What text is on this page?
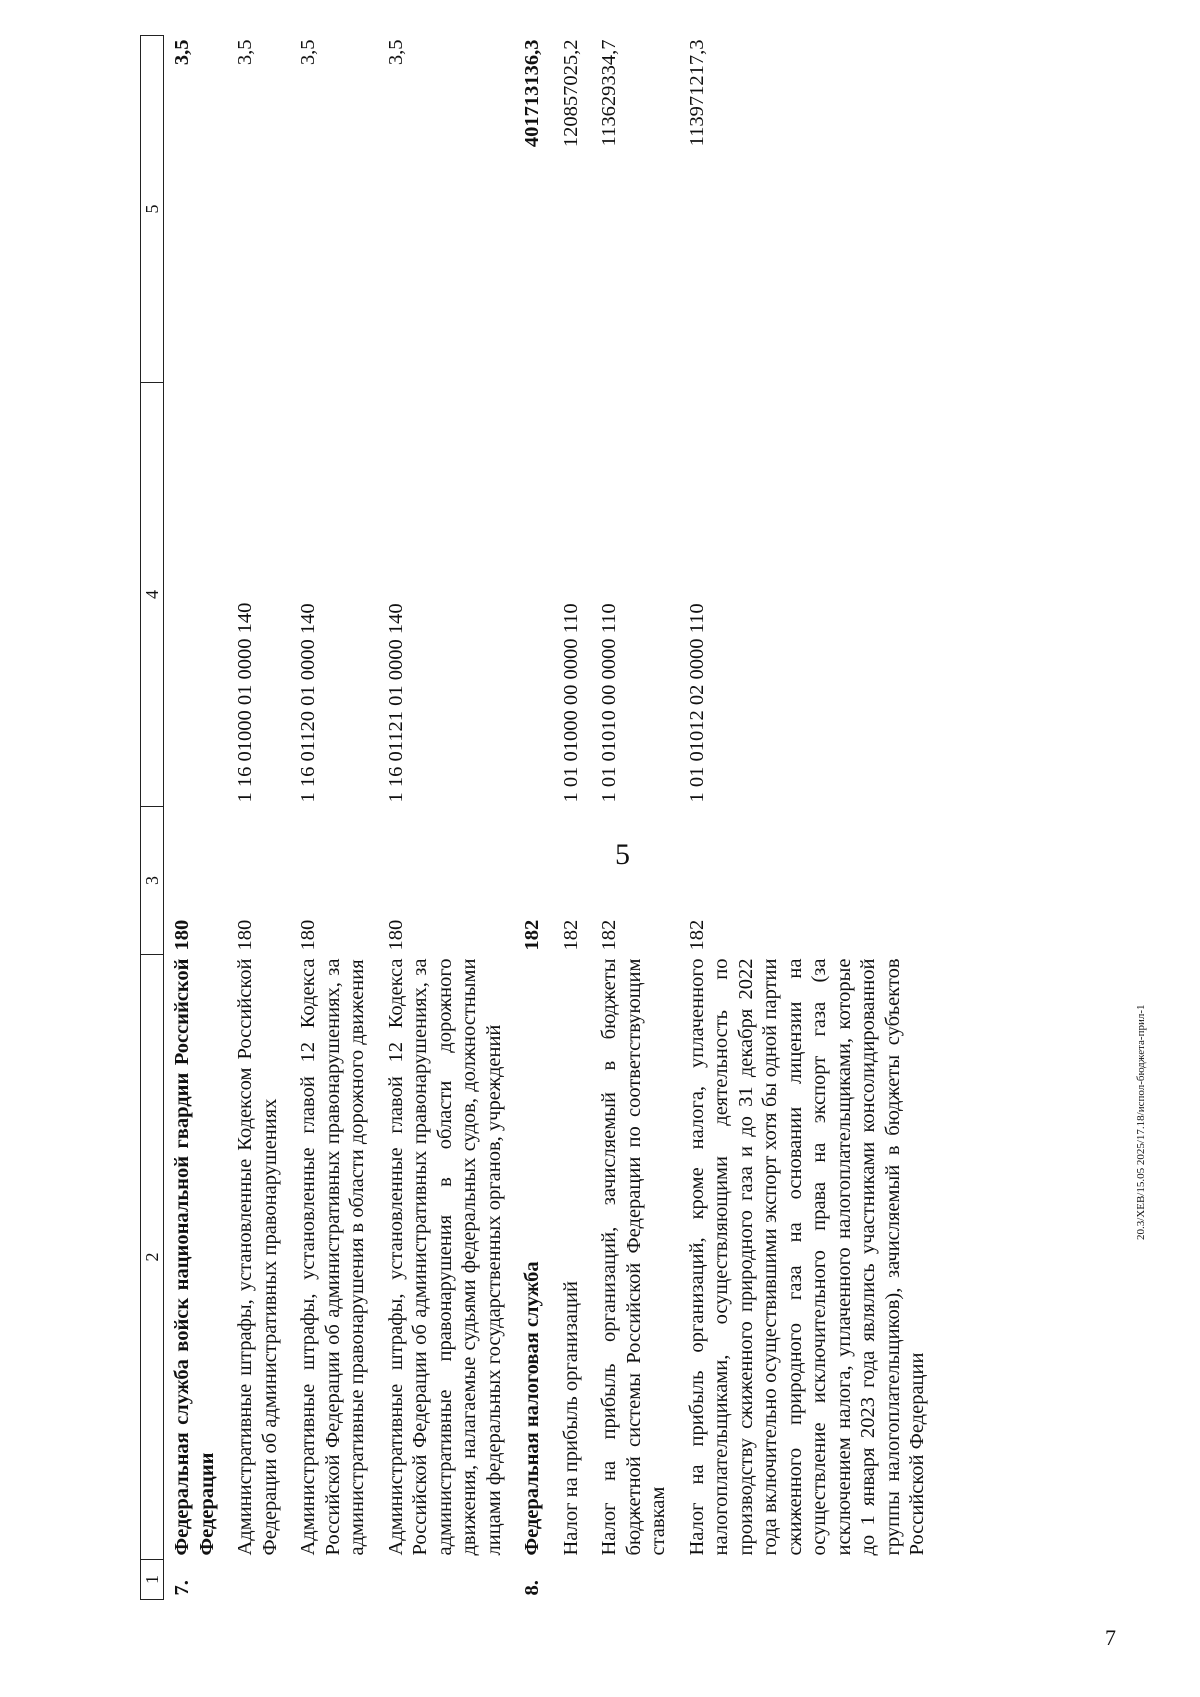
5
7
20.3/XEB/15.05 2025/17.18/испол-бюджета-прил-1
1	2	3	4	5
7.	Федеральная служба войск национальной гвардии Российской Федерации	180		3,5
	Административные штрафы, установленные Кодексом Российской Федерации об административных правонарушениях	180	1 16 01000 01 0000 140	3,5
	Административные штрафы, установленные главой 12 Кодекса Российской Федерации об административных правонарушениях, за административные правонарушения в области дорожного движения	180	1 16 01120 01 0000 140	3,5
	Административные штрафы, установленные главой 12 Кодекса Российской Федерации об административных правонарушениях, за административные правонарушения в области дорожного движения, налагаемые судьями федеральных судов, должностными лицами федеральных государственных органов, учреждений	180	1 16 01121 01 0000 140	3,5
8.	Федеральная налоговая служба	182		401713136,3
	Налог на прибыль организаций	182	1 01 01000 00 0000 110	120857025,2
	Налог на прибыль организаций, зачисляемый в бюджеты бюджетной системы Российской Федерации по соответствующим ставкам	182	1 01 01010 00 0000 110	113629334,7
	Налог на прибыль организаций, кроме налога, уплаченного налогоплательщиками, осуществляющими деятельность по производству сжиженного природного газа и до 31 декабря 2022 года включительно осуществившими экспорт хотя бы одной партии сжиженного природного газа на основании лицензии на осуществление исключительного права на экспорт газа (за исключением налога, уплаченного налогоплательщиками, которые до 1 января 2023 года являлись участниками консолидированной группы налогоплательщиков), зачисляемый в бюджеты субъектов Российской Федерации	182	1 01 01012 02 0000 110	113971217,3
